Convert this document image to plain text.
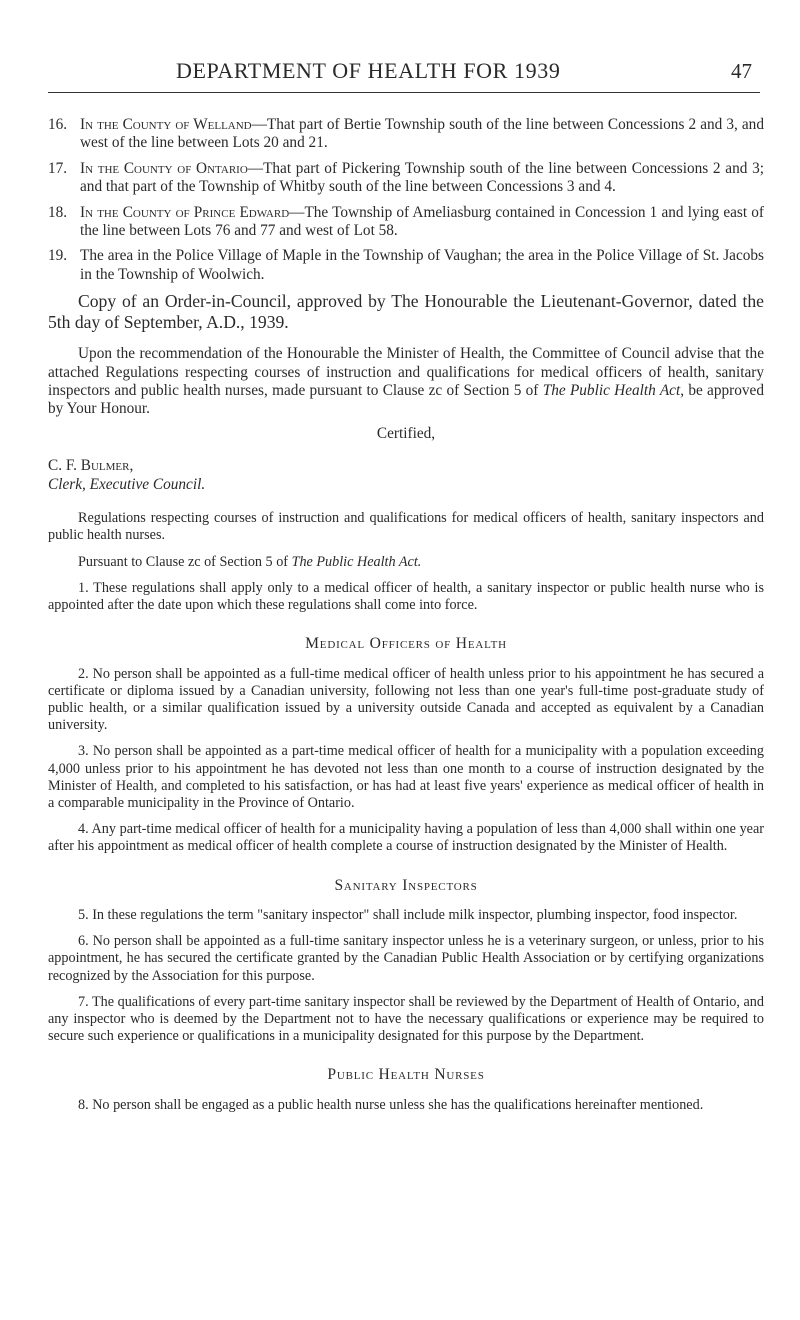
DEPARTMENT OF HEALTH FOR 1939	47
16. In the County of Welland—That part of Bertie Township south of the line between Concessions 2 and 3, and west of the line between Lots 20 and 21.
17. In the County of Ontario—That part of Pickering Township south of the line between Concessions 2 and 3; and that part of the Township of Whitby south of the line between Concessions 3 and 4.
18. In the County of Prince Edward—The Township of Ameliasburg contained in Concession 1 and lying east of the line between Lots 76 and 77 and west of Lot 58.
19. The area in the Police Village of Maple in the Township of Vaughan; the area in the Police Village of St. Jacobs in the Township of Woolwich.

Copy of an Order-in-Council, approved by The Honourable the Lieutenant-Governor, dated the 5th day of September, A.D., 1939.

Upon the recommendation of the Honourable the Minister of Health, the Committee of Council advise that the attached Regulations respecting courses of instruction and qualifications for medical officers of health, sanitary inspectors and public health nurses, made pursuant to Clause zc of Section 5 of The Public Health Act, be approved by Your Honour.

Certified,

C. F. Bulmer,

Clerk, Executive Council.

Regulations respecting courses of instruction and qualifications for medical officers of health, sanitary inspectors and public health nurses.

Pursuant to Clause zc of Section 5 of The Public Health Act.

1. These regulations shall apply only to a medical officer of health, a sanitary inspector or public health nurse who is appointed after the date upon which these regulations shall come into force.

Medical Officers of Health

2. No person shall be appointed as a full-time medical officer of health unless prior to his appointment he has secured a certificate or diploma issued by a Canadian university, following not less than one year's full-time post-graduate study of public health, or a similar qualification issued by a university outside Canada and accepted as equivalent by a Canadian university.

3. No person shall be appointed as a part-time medical officer of health for a municipality with a population exceeding 4,000 unless prior to his appointment he has devoted not less than one month to a course of instruction designated by the Minister of Health, and completed to his satisfaction, or has had at least five years' experience as medical officer of health in a comparable municipality in the Province of Ontario.

4. Any part-time medical officer of health for a municipality having a population of less than 4,000 shall within one year after his appointment as medical officer of health complete a course of instruction designated by the Minister of Health.

Sanitary Inspectors

5. In these regulations the term "sanitary inspector" shall include milk inspector, plumbing inspector, food inspector.

6. No person shall be appointed as a full-time sanitary inspector unless he is a veterinary surgeon, or unless, prior to his appointment, he has secured the certificate granted by the Canadian Public Health Association or by certifying organizations recognized by the Association for this purpose.

7. The qualifications of every part-time sanitary inspector shall be reviewed by the Department of Health of Ontario, and any inspector who is deemed by the Department not to have the necessary qualifications or experience may be required to secure such experience or qualifications in a municipality designated for this purpose by the Department.

Public Health Nurses

8. No person shall be engaged as a public health nurse unless she has the qualifications hereinafter mentioned.
